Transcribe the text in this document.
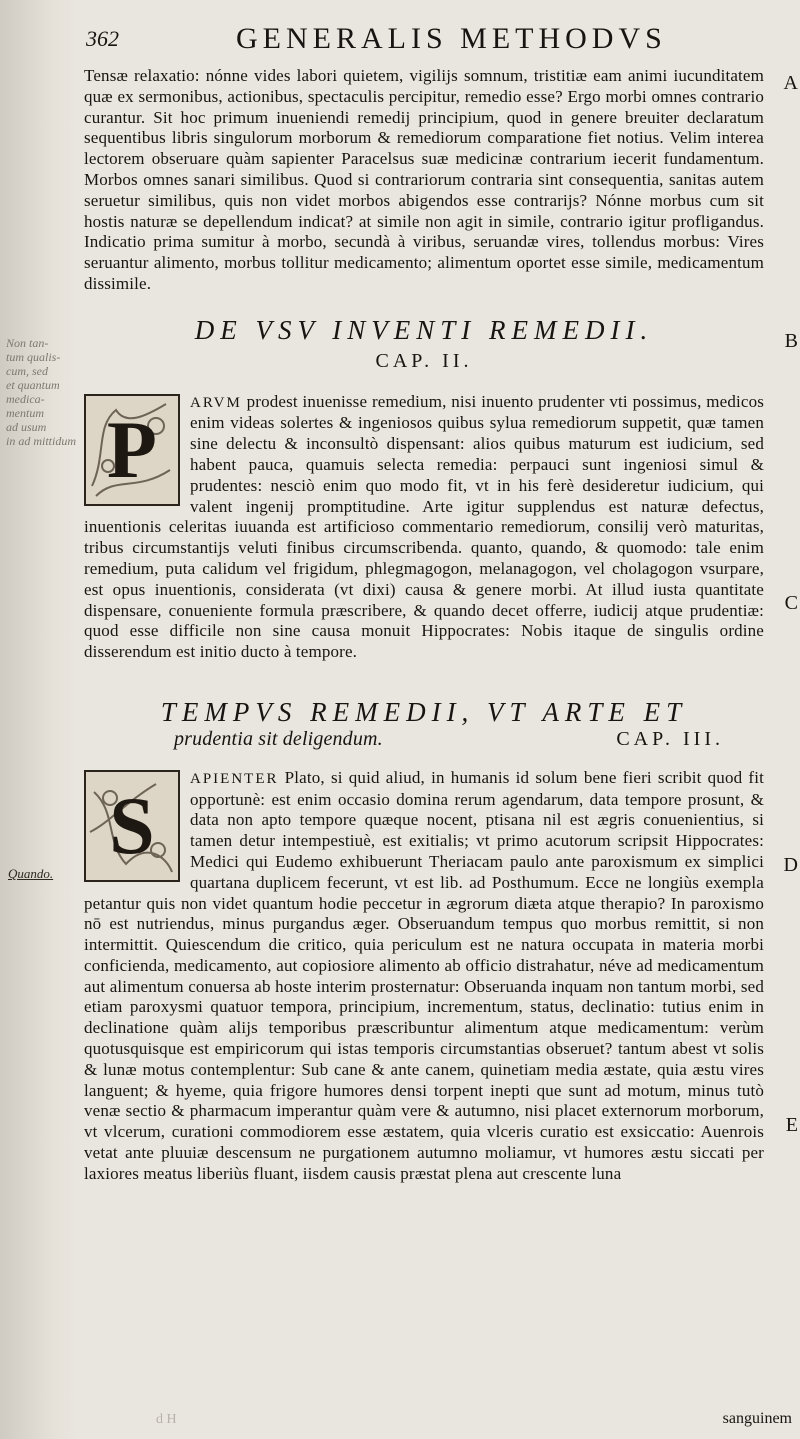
362	GENERALIS METHODVS
Non tan-
tum qualis-
cum, sed
et quantum
medica-
mentum
ad usum
in ad mittidum
Quando.
A
B
C
D
E

Tensæ relaxatio: nónne vides labori quietem, vigilijs somnum, tristitiæ eam animi iucunditatem quæ ex sermonibus, actionibus, spectaculis percipitur, remedio esse? Ergo morbi omnes contrario curantur. Sit hoc primum inueniendi remedij principium, quod in genere breuiter declaratum sequentibus libris singulorum morborum & remediorum comparatione fiet notius. Velim interea lectorem obseruare quàm sapienter Paracelsus suæ medicinæ contrarium iecerit fundamentum. Morbos omnes sanari similibus. Quod si contrariorum contraria sint consequentia, sanitas autem seruetur similibus, quis non videt morbos abigendos esse contrarijs? Nónne morbus cum sit hostis naturæ se depellendum indicat? at simile non agit in simile, contrario igitur profligandus. Indicatio prima sumitur à morbo, secundà à viribus, seruandæ vires, tollendus morbus: Vires seruantur alimento, morbus tollitur medicamento; alimentum oportet esse simile, medicamentum dissimile.

DE VSV INVENTI REMEDII.
CAP. II.

P
ARVM prodest inuenisse remedium, nisi inuento prudenter vti possimus, medicos enim videas solertes & ingeniosos quibus sylua remediorum suppetit, quæ tamen sine delectu & inconsultò dispensant: alios quibus maturum est iudicium, sed habent pauca, quamuis selecta remedia: perpauci sunt ingeniosi simul & prudentes: nesciò enim quo modo fit, vt in his ferè desideretur iudicium, qui valent ingenij promptitudine. Arte igitur supplendus est naturæ defectus, inuentionis celeritas iuuanda est artificioso commentario remediorum, consilij verò maturitas, tribus circumstantijs veluti finibus circumscribenda. quanto, quando, & quomodo: tale enim remedium, puta calidum vel frigidum, phlegmagogon, melanagogon, vel cholagogon vsurpare, est opus inuentionis, considerata (vt dixi) causa & genere morbi. At illud iusta quantitate dispensare, conueniente formula præscribere, & quando decet offerre, iudicij atque prudentiæ: quod esse difficile non sine causa monuit Hippocrates: Nobis itaque de singulis ordine disserendum est initio ducto à tempore.

TEMPVS REMEDII, VT ARTE ET
prudentia sit deligendum.	CAP. III.

S
APIENTER Plato, si quid aliud, in humanis id solum bene fieri scribit quod fit opportunè: est enim occasio domina rerum agendarum, data tempore prosunt, & data non apto tempore quæque nocent, ptisana nil est ægris conuenientius, si tamen detur intempestiuè, est exitialis; vt primo acutorum scripsit Hippocrates: Medici qui Eudemo exhibuerunt Theriacam paulo ante paroxismum ex simplici quartana duplicem fecerunt, vt est lib. ad Posthumum. Ecce ne longiùs exempla petantur quis non videt quantum hodie peccetur in ægrorum diæta atque therapio? In paroxismo nō est nutriendus, minus purgandus æger. Obseruandum tempus quo morbus remittit, si non intermittit. Quiescendum die critico, quia periculum est ne natura occupata in materia morbi conficienda, medicamento, aut copiosiore alimento ab officio distrahatur, néve ad medicamentum aut alimentum conuersa ab hoste interim prosternatur: Obseruanda inquam non tantum morbi, sed etiam paroxysmi quatuor tempora, principium, incrementum, status, declinatio: tutius enim in declinatione quàm alijs temporibus præscribuntur alimentum atque medicamentum: verùm quotusquisque est empiricorum qui istas temporis circumstantias obseruet? tantum abest vt solis & lunæ motus contemplentur: Sub cane & ante canem, quinetiam media æstate, quia æstu vires languent; & hyeme, quia frigore humores densi torpent inepti que sunt ad motum, minus tutò venæ sectio & pharmacum imperantur quàm vere & autumno, nisi placet externorum morborum, vt vlcerum, curationi commodiorem esse æstatem, quia vlceris curatio est exsiccatio: Auenrois vetat ante pluuiæ descensum ne purgationem autumno moliamur, vt humores æstu siccati per laxiores meatus liberiùs fluant, iisdem causis præstat plena aut crescente luna

d H	sanguinem
